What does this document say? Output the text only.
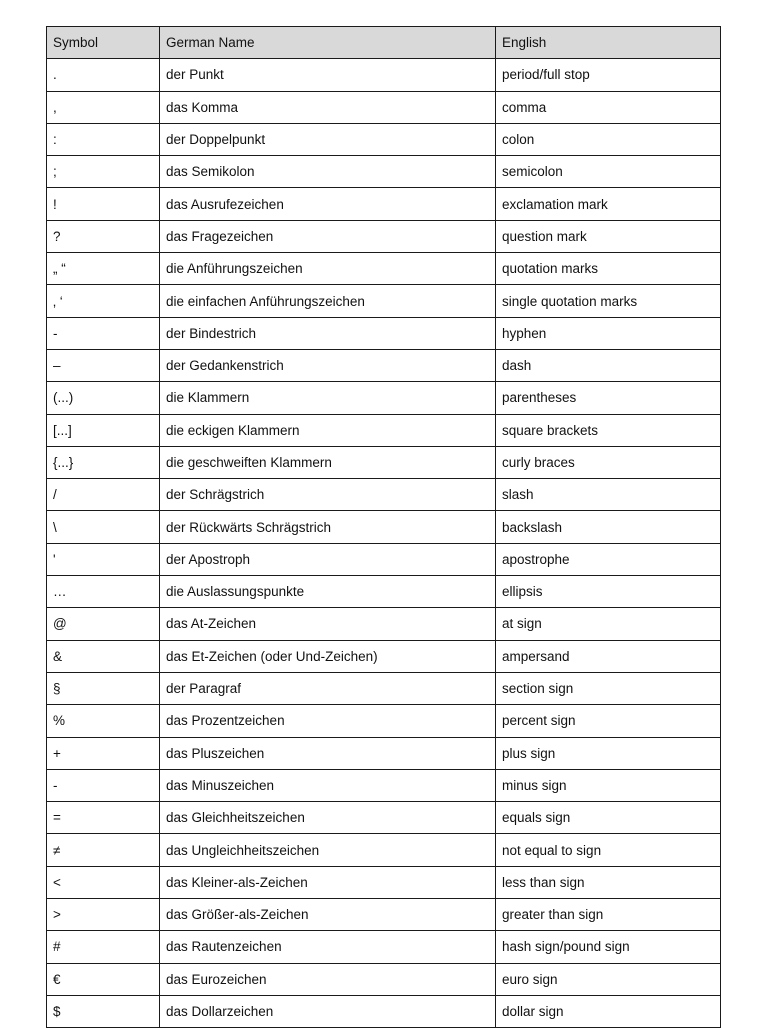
Symbol	German Name	English
.	der Punkt	period/full stop
,	das Komma	comma
:	der Doppelpunkt	colon
;	das Semikolon	semicolon
!	das Ausrufezeichen	exclamation mark
?	das Fragezeichen	question mark
„ “	die Anführungszeichen	quotation marks
‚ ‘	die einfachen Anführungszeichen	single quotation marks
-	der Bindestrich	hyphen
–	der Gedankenstrich	dash
(...)	die Klammern	parentheses
[...]	die eckigen Klammern	square brackets
{...}	die geschweiften Klammern	curly braces
/	der Schrägstrich	slash
\	der Rückwärts Schrägstrich	backslash
'	der Apostroph	apostrophe
…	die Auslassungspunkte	ellipsis
@	das At-Zeichen	at sign
&	das Et-Zeichen (oder Und-Zeichen)	ampersand
§	der Paragraf	section sign
%	das Prozentzeichen	percent sign
+	das Pluszeichen	plus sign
-	das Minuszeichen	minus sign
=	das Gleichheitszeichen	equals sign
≠	das Ungleichheitszeichen	not equal to sign
<	das Kleiner-als-Zeichen	less than sign
>	das Größer-als-Zeichen	greater than sign
#	das Rautenzeichen	hash sign/pound sign
€	das Eurozeichen	euro sign
$	das Dollarzeichen	dollar sign
